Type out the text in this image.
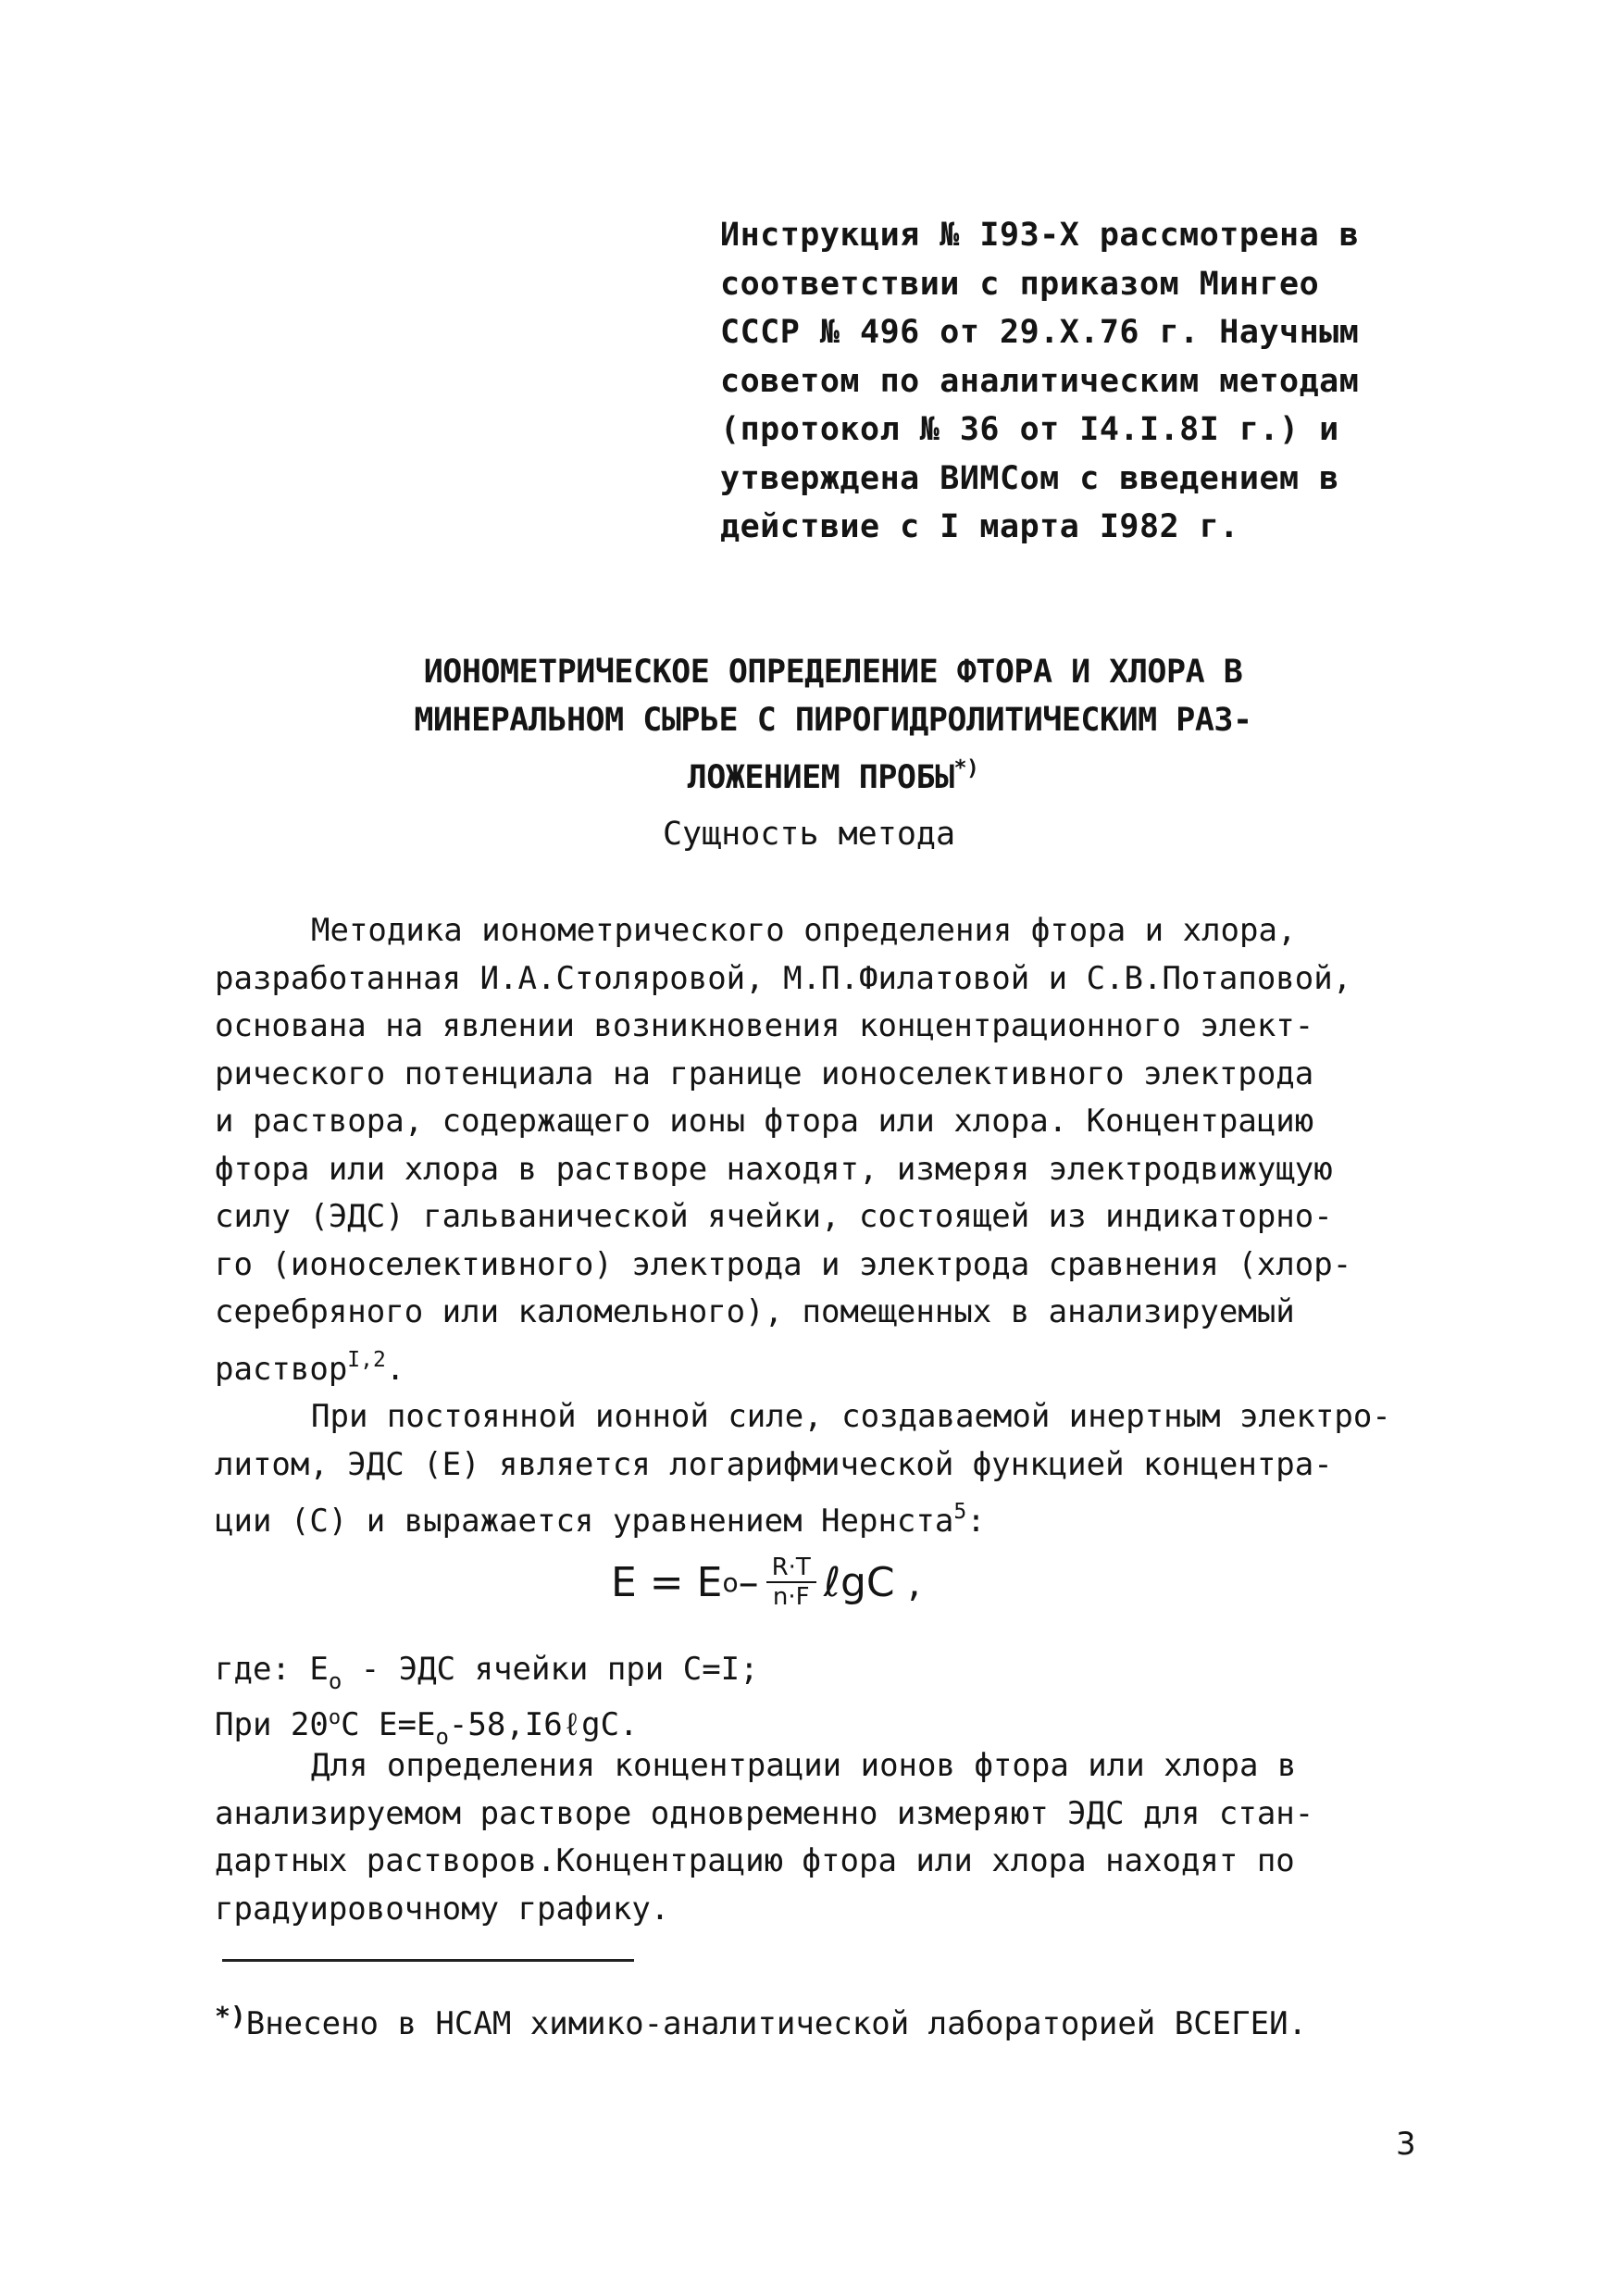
Инструкция № I93-Х рассмотрена в
соответствии с приказом Мингео
СССР № 496 от 29.Х.76 г. Научным
советом по аналитическим методам
(протокол № 36 от I4.I.8I г.) и
утверждена ВИМСом с введением в
действие с I марта I982 г.
ИОНОМЕТРИЧЕСКОЕ ОПРЕДЕЛЕНИЕ ФТОРА И ХЛОРА В
МИНЕРАЛЬНОМ СЫРЬЕ С ПИРОГИДРОЛИТИЧЕСКИМ РАЗ-
ЛОЖЕНИЕМ ПРОБЫ*)
Сущность метода
Методика ионометрического определения фтора и хлора,
разработанная И.А.Столяровой, М.П.Филатовой и С.В.Потаповой,
основана на явлении возникновения концентрационного элект-
рического потенциала на границе ионоселективного электрода
и раствора, содержащего ионы фтора или хлора. Концентрацию
фтора или хлора в растворе находят, измеряя электродвижущую
силу (ЭДС) гальванической ячейки, состоящей из индикаторно-
го (ионоселективного) электрода и электрода сравнения (хлор-
серебряного или каломельного), помещенных в анализируемый
раствор$^{I,2}$.
При постоянной ионной силе, создаваемой инертным электро-
литом, ЭДС (Е) является логарифмической функцией концентра-
ции (С) и выражается уравнением Нернста$^5$:
E = E o – $\frac{R\cdot T}{n\cdot F}$ ℓgC ,
где: $E_o$ - ЭДС ячейки при С=I;
При 20$^o$С $E=E_o-58,I6\ell gC$.
Для определения концентрации ионов фтора или хлора в
анализируемом растворе одновременно измеряют ЭДС для стан-
дартных растворов.Концентрацию фтора или хлора находят по
градуировочному графику.
*)Внесено в НСАМ химико-аналитической лабораторией ВСЕГЕИ.
3
